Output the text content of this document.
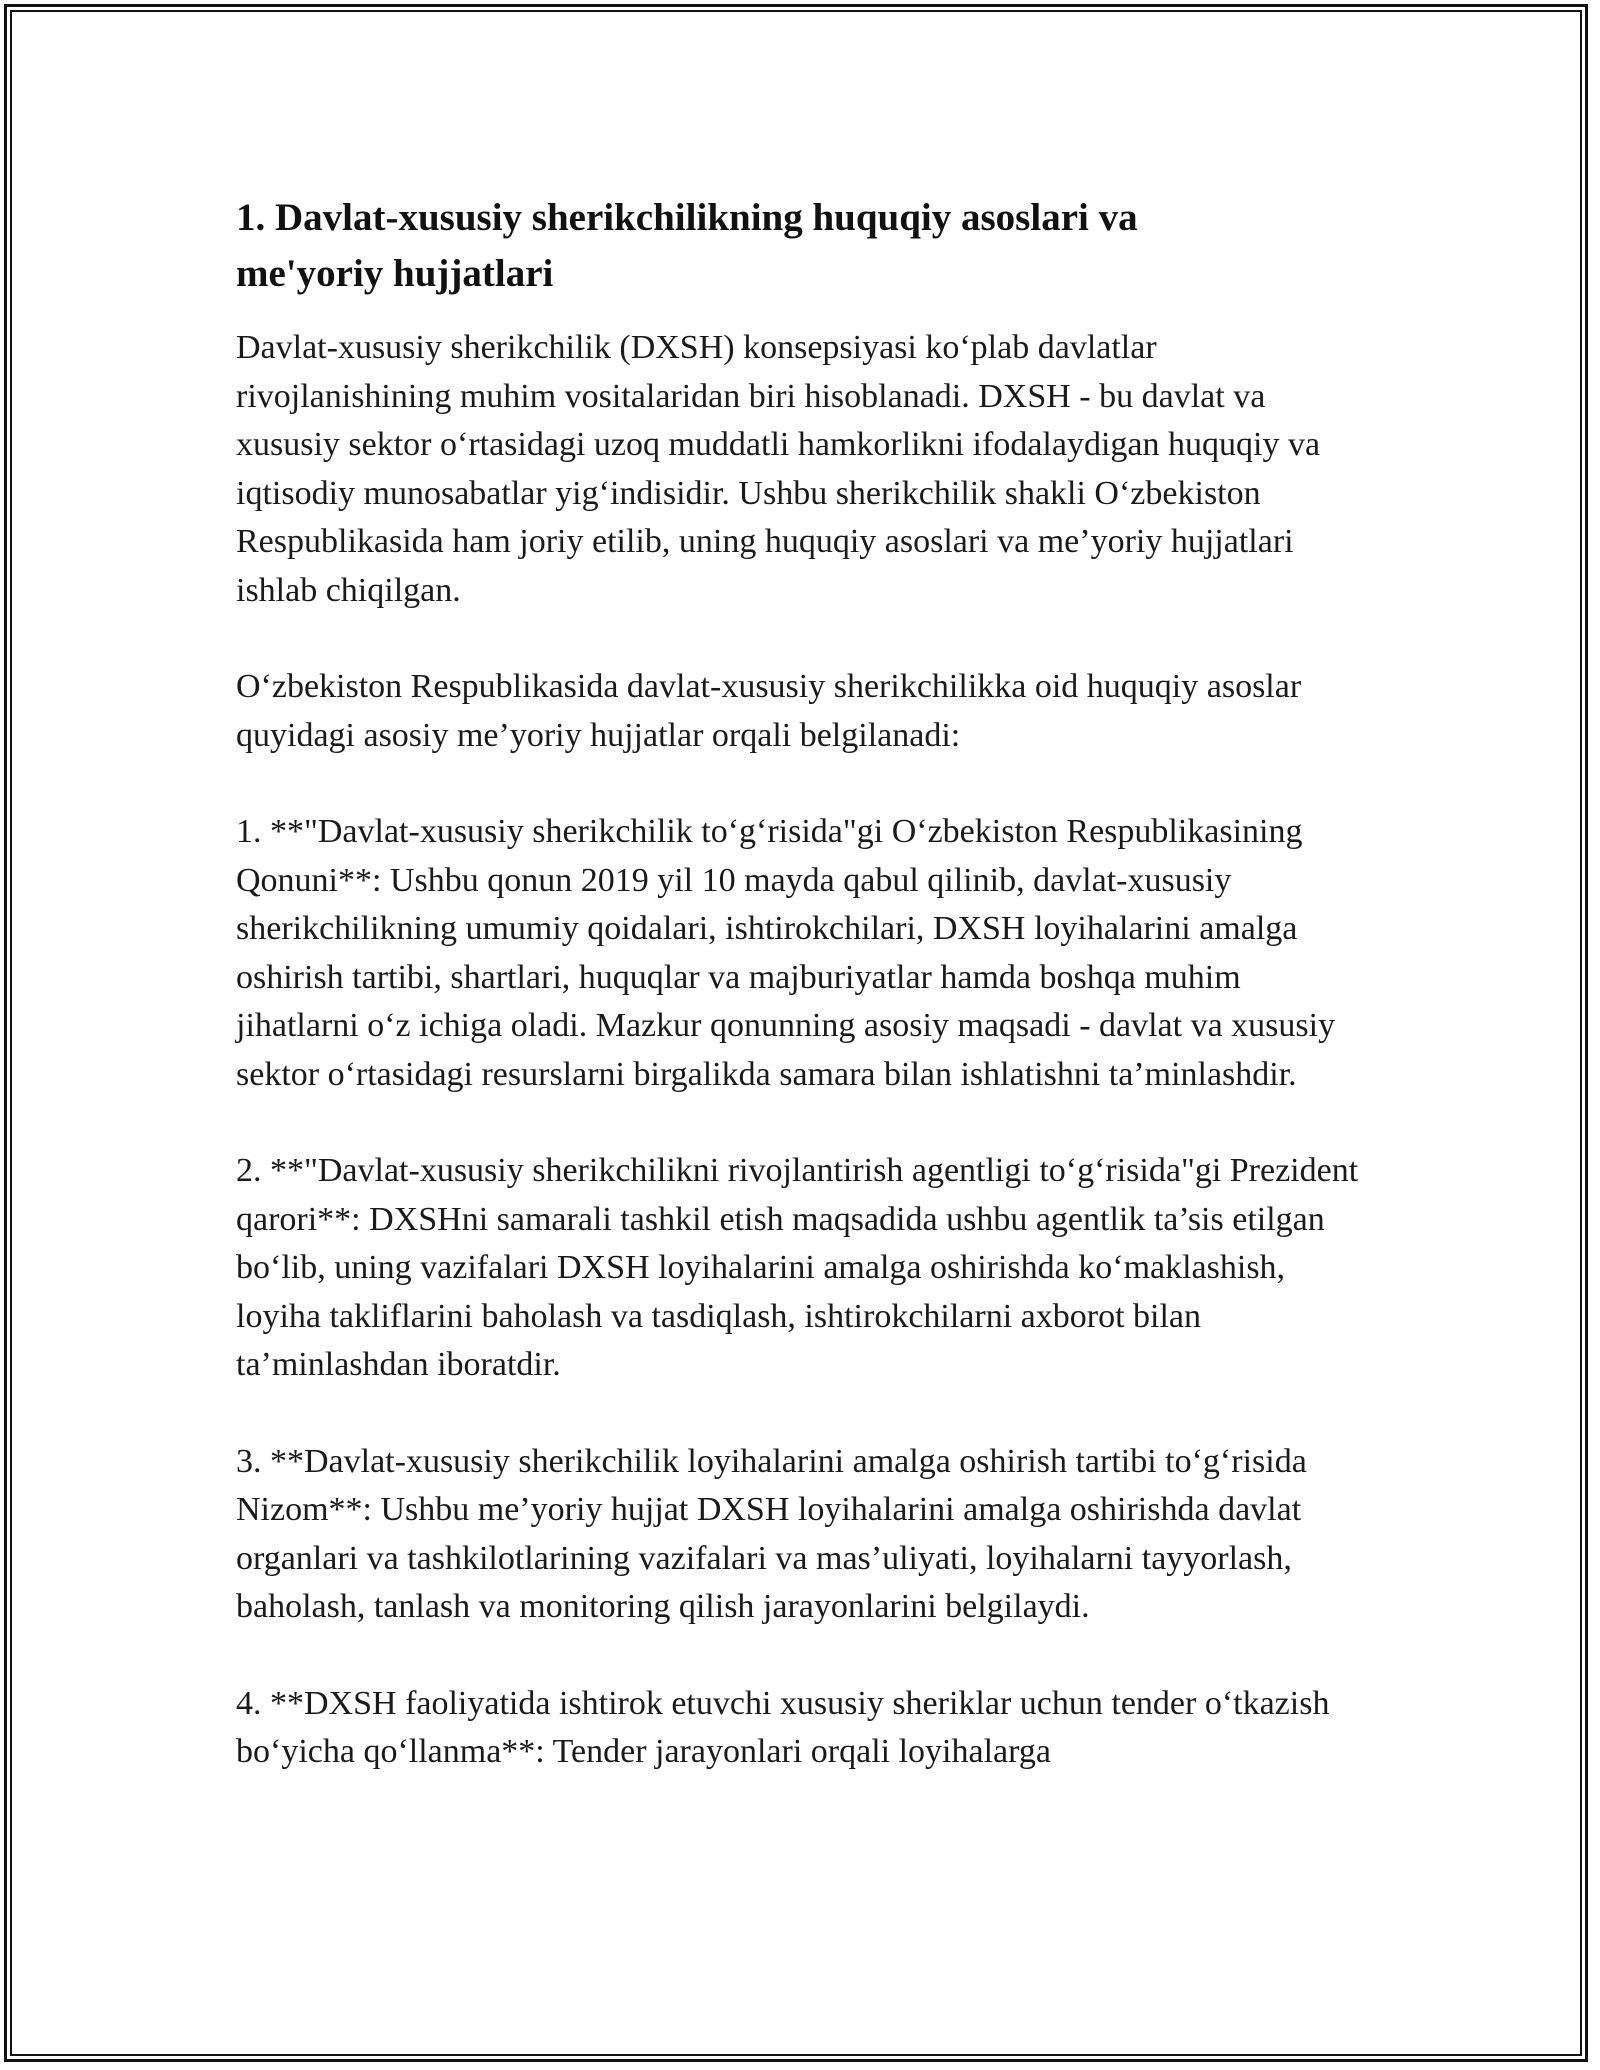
1. Davlat-xususiy sherikchilikning huquqiy asoslari va me'yoriy hujjatlari

Davlat-xususiy sherikchilik (DXSH) konsepsiyasi ko‘plab davlatlar rivojlanishining muhim vositalaridan biri hisoblanadi. DXSH - bu davlat va xususiy sektor o‘rtasidagi uzoq muddatli hamkorlikni ifodalaydigan huquqiy va iqtisodiy munosabatlar yig‘indisidir. Ushbu sherikchilik shakli O‘zbekiston Respublikasida ham joriy etilib, uning huquqiy asoslari va me’yoriy hujjatlari ishlab chiqilgan.

O‘zbekiston Respublikasida davlat-xususiy sherikchilikka oid huquqiy asoslar quyidagi asosiy me’yoriy hujjatlar orqali belgilanadi:

1. **"Davlat-xususiy sherikchilik to‘g‘risida"gi O‘zbekiston Respublikasining Qonuni**: Ushbu qonun 2019 yil 10 mayda qabul qilinib, davlat-xususiy sherikchilikning umumiy qoidalari, ishtirokchilari, DXSH loyihalarini amalga oshirish tartibi, shartlari, huquqlar va majburiyatlar hamda boshqa muhim jihatlarni o‘z ichiga oladi. Mazkur qonunning asosiy maqsadi - davlat va xususiy sektor o‘rtasidagi resurslarni birgalikda samara bilan ishlatishni ta’minlashdir.

2. **"Davlat-xususiy sherikchilikni rivojlantirish agentligi to‘g‘risida"gi Prezident qarori**: DXSHni samarali tashkil etish maqsadida ushbu agentlik ta’sis etilgan bo‘lib, uning vazifalari DXSH loyihalarini amalga oshirishda ko‘maklashish, loyiha takliflarini baholash va tasdiqlash, ishtirokchilarni axborot bilan ta’minlashdan iboratdir.

3. **Davlat-xususiy sherikchilik loyihalarini amalga oshirish tartibi to‘g‘risida Nizom**: Ushbu me’yoriy hujjat DXSH loyihalarini amalga oshirishda davlat organlari va tashkilotlarining vazifalari va mas’uliyati, loyihalarni tayyorlash, baholash, tanlash va monitoring qilish jarayonlarini belgilaydi.

4. **DXSH faoliyatida ishtirok etuvchi xususiy sheriklar uchun tender o‘tkazish bo‘yicha qo‘llanma**: Tender jarayonlari orqali loyihalarga
